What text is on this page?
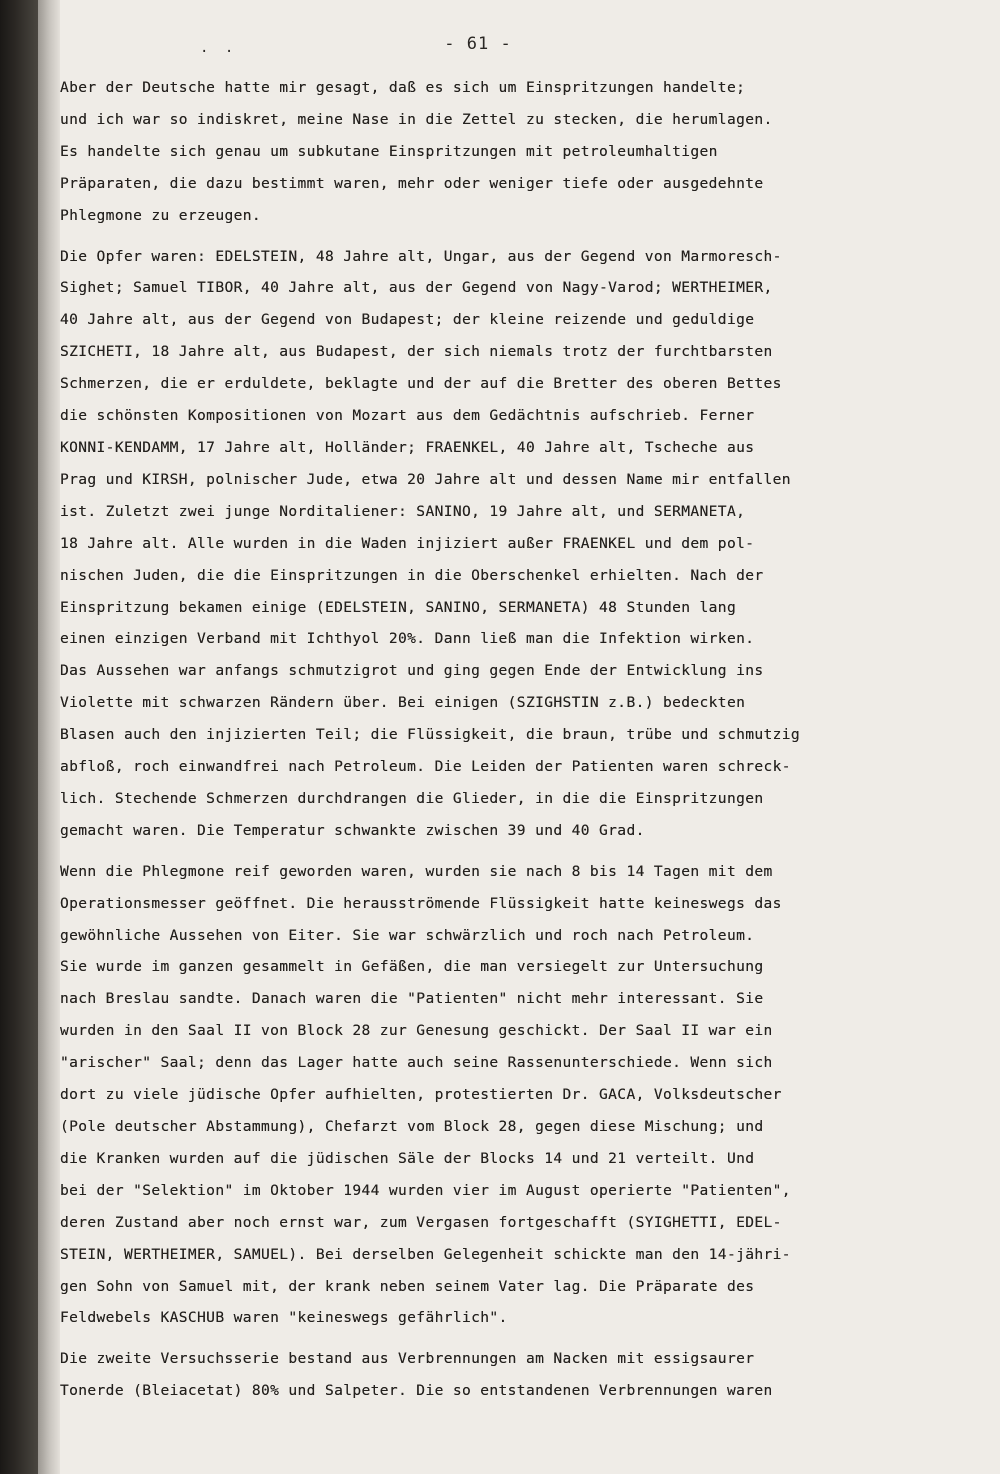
. .	- 61 -
Aber der Deutsche hatte mir gesagt, daß es sich um Einspritzungen handelte;
und ich war so indiskret, meine Nase in die Zettel zu stecken, die herumlagen.
Es handelte sich genau um subkutane Einspritzungen mit petroleumhaltigen
Präparaten, die dazu bestimmt waren, mehr oder weniger tiefe oder ausgedehnte
Phlegmone zu erzeugen.
Die Opfer waren: EDELSTEIN, 48 Jahre alt, Ungar, aus der Gegend von Marmoresch-
Sighet; Samuel TIBOR, 40 Jahre alt, aus der Gegend von Nagy-Varod; WERTHEIMER,
40 Jahre alt, aus der Gegend von Budapest; der kleine reizende und geduldige
SZICHETI, 18 Jahre alt, aus Budapest, der sich niemals trotz der furchtbarsten
Schmerzen, die er erduldete, beklagte und der auf die Bretter des oberen Bettes
die schönsten Kompositionen von Mozart aus dem Gedächtnis aufschrieb. Ferner
KONNI-KENDAMM, 17 Jahre alt, Holländer; FRAENKEL, 40 Jahre alt, Tscheche aus
Prag und KIRSH, polnischer Jude, etwa 20 Jahre alt und dessen Name mir entfallen
ist. Zuletzt zwei junge Norditaliener: SANINO, 19 Jahre alt, und SERMANETA,
18 Jahre alt. Alle wurden in die Waden injiziert außer FRAENKEL und dem pol-
nischen Juden, die die Einspritzungen in die Oberschenkel erhielten. Nach der
Einspritzung bekamen einige (EDELSTEIN, SANINO, SERMANETA) 48 Stunden lang
einen einzigen Verband mit Ichthyol 20%. Dann ließ man die Infektion wirken.
Das Aussehen war anfangs schmutzigrot und ging gegen Ende der Entwicklung ins
Violette mit schwarzen Rändern über. Bei einigen (SZIGHSTIN z.B.) bedeckten
Blasen auch den injizierten Teil; die Flüssigkeit, die braun, trübe und schmutzig
abfloß, roch einwandfrei nach Petroleum. Die Leiden der Patienten waren schreck-
lich. Stechende Schmerzen durchdrangen die Glieder, in die die Einspritzungen
gemacht waren. Die Temperatur schwankte zwischen 39 und 40 Grad.
Wenn die Phlegmone reif geworden waren, wurden sie nach 8 bis 14 Tagen mit dem
Operationsmesser geöffnet. Die herausströmende Flüssigkeit hatte keineswegs das
gewöhnliche Aussehen von Eiter. Sie war schwärzlich und roch nach Petroleum.
Sie wurde im ganzen gesammelt in Gefäßen, die man versiegelt zur Untersuchung
nach Breslau sandte. Danach waren die "Patienten" nicht mehr interessant. Sie
wurden in den Saal II von Block 28 zur Genesung geschickt. Der Saal II war ein
"arischer" Saal; denn das Lager hatte auch seine Rassenunterschiede. Wenn sich
dort zu viele jüdische Opfer aufhielten, protestierten Dr. GACA, Volksdeutscher
(Pole deutscher Abstammung), Chefarzt vom Block 28, gegen diese Mischung; und
die Kranken wurden auf die jüdischen Säle der Blocks 14 und 21 verteilt. Und
bei der "Selektion" im Oktober 1944 wurden vier im August operierte "Patienten",
deren Zustand aber noch ernst war, zum Vergasen fortgeschafft (SYIGHETTI, EDEL-
STEIN, WERTHEIMER, SAMUEL). Bei derselben Gelegenheit schickte man den 14-jähri-
gen Sohn von Samuel mit, der krank neben seinem Vater lag. Die Präparate des
Feldwebels KASCHUB waren "keineswegs gefährlich".
Die zweite Versuchsserie bestand aus Verbrennungen am Nacken mit essigsaurer
Tonerde (Bleiacetat) 80% und Salpeter. Die so entstandenen Verbrennungen waren
